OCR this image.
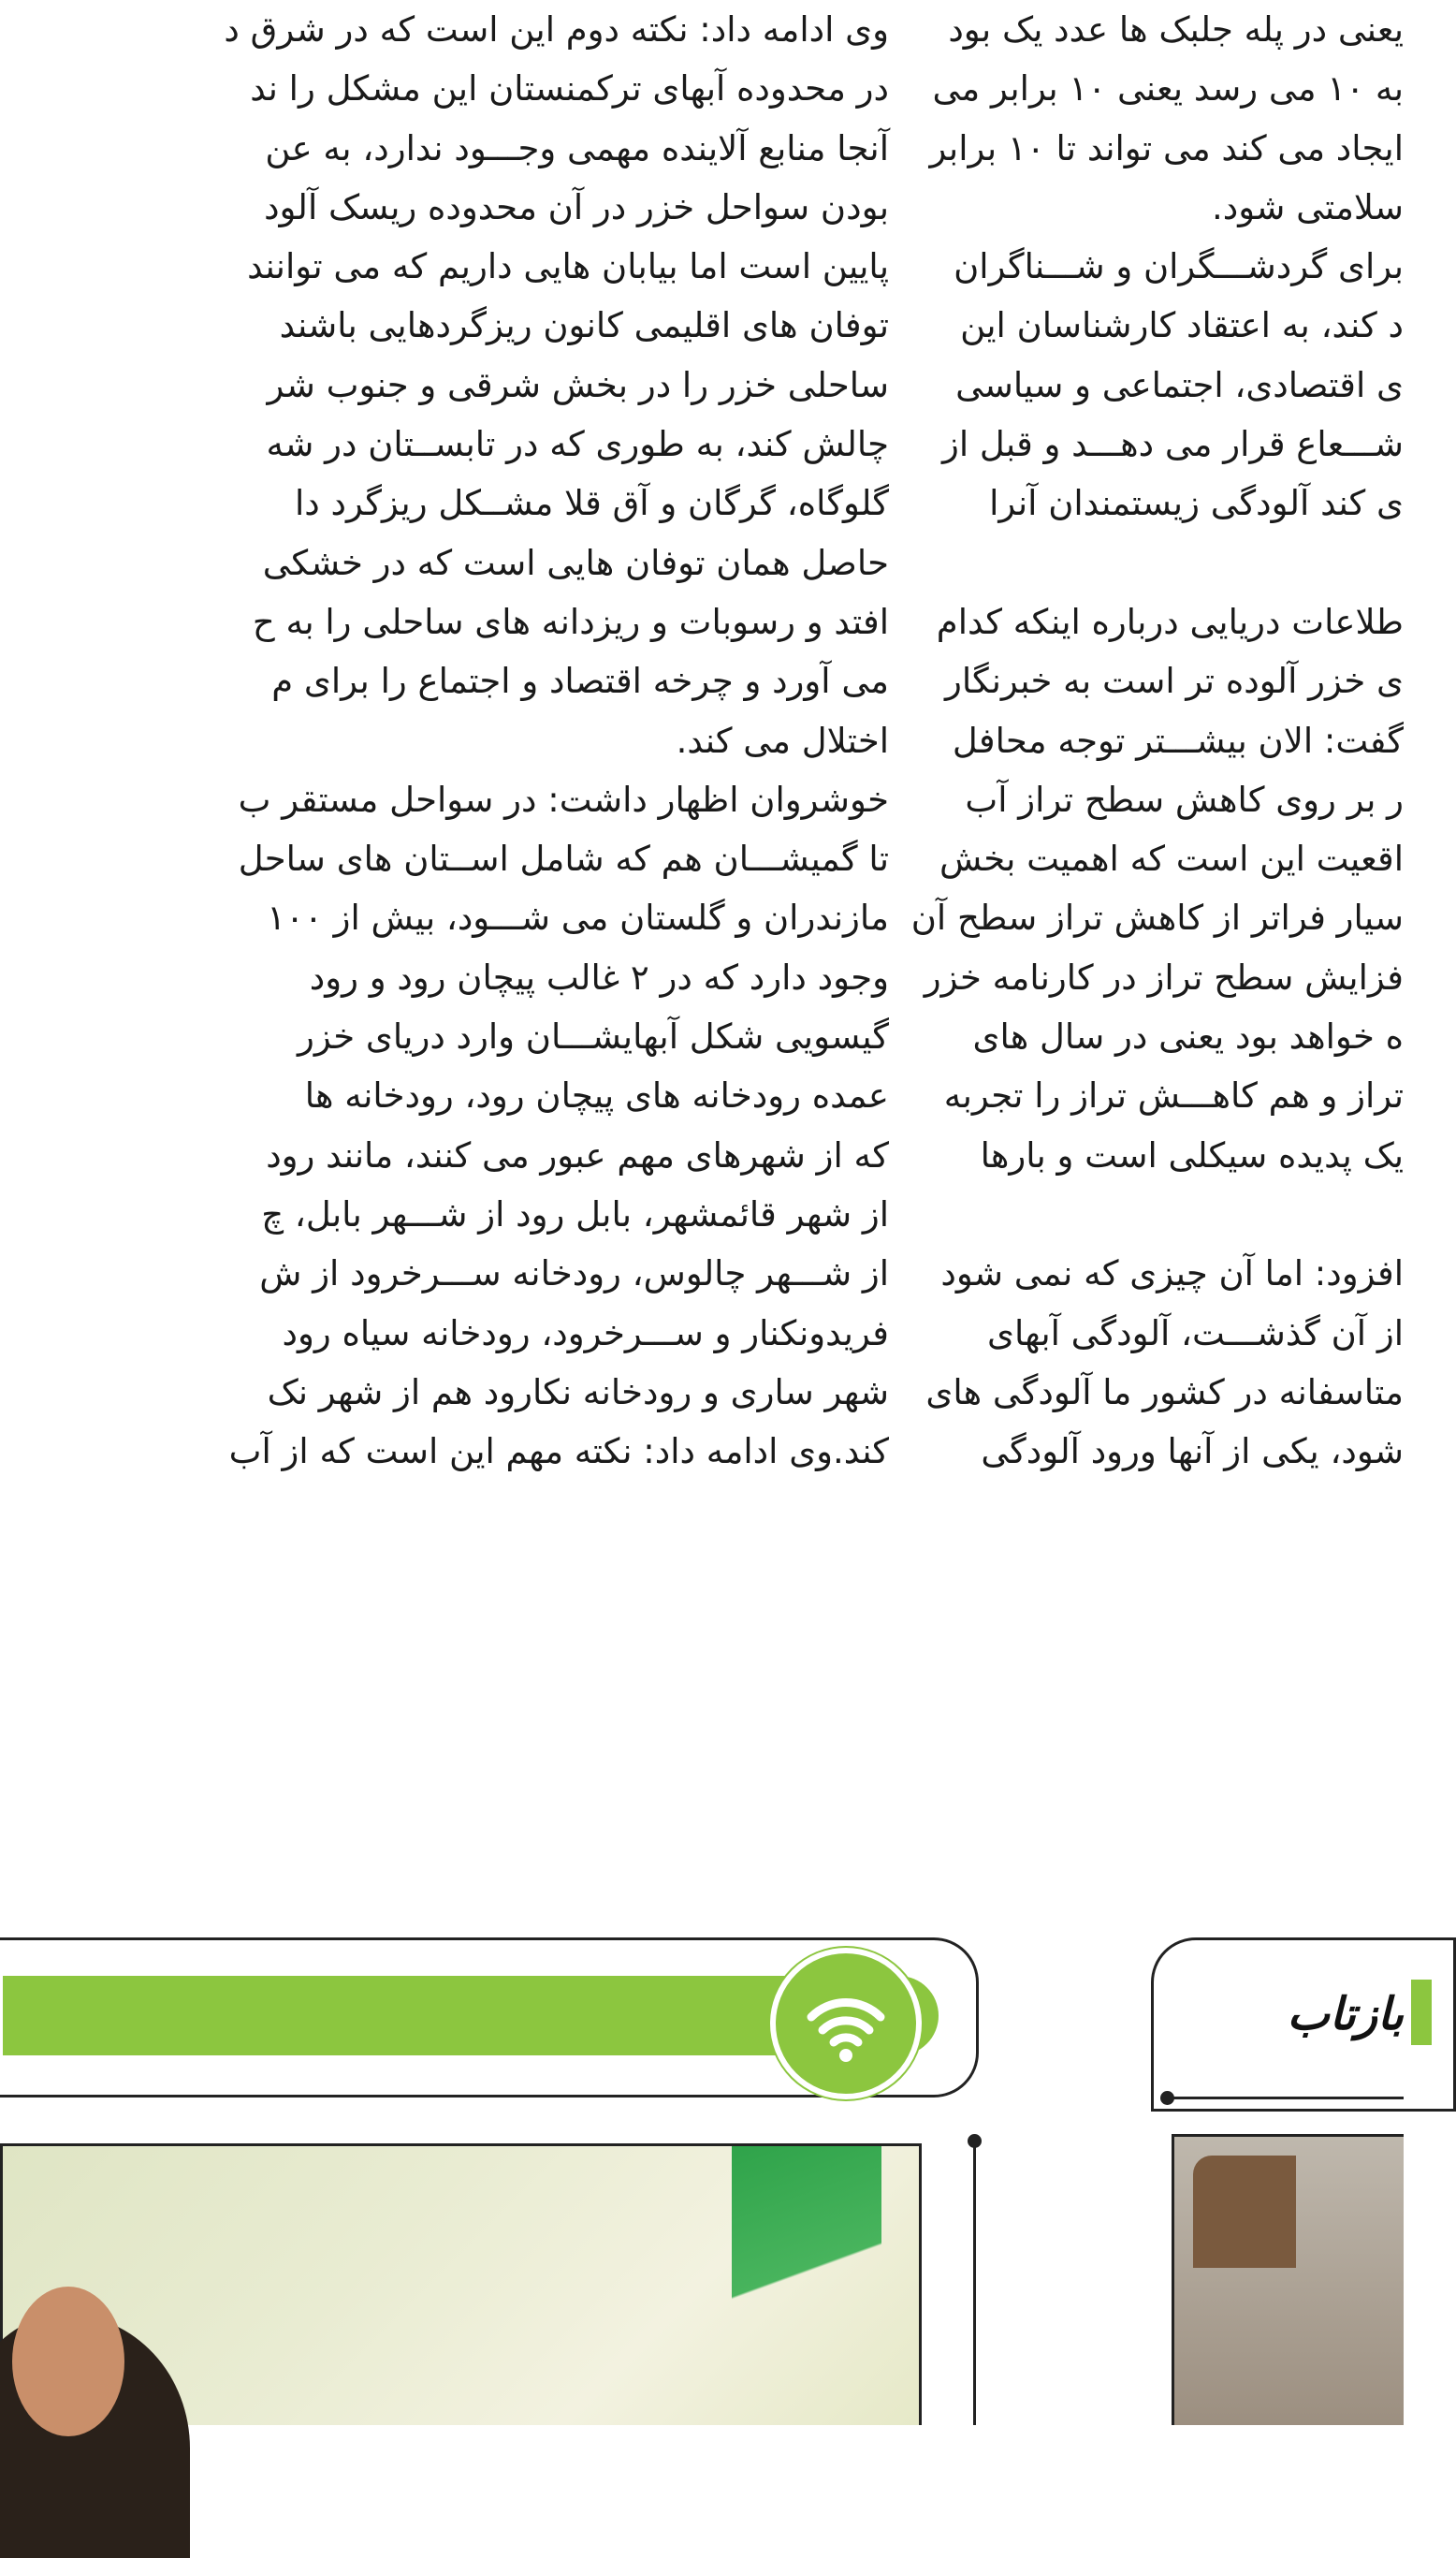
وی ادامه داد: نکته دوم این است که در شرق د
در محدوده آبهای ترکمنستان این مشکل را ند
آنجا منابع آلاینده مهمی وجـــود ندارد، به عن
بودن سواحل خزر در آن محدوده ریسک آلود
پایین است اما بیابان هایی داریم که می توانند
توفان های اقلیمی کانون ریزگردهایی باشند
ساحلی خزر را در بخش شرقی و جنوب شر
چالش کند، به طوری که در تابســتان در شه
گلوگاه، گرگان و آق قلا مشــکل ریزگرد دا
حاصل همان توفان هایی است که در خشکی
افتد و رسوبات و ریزدانه های ساحلی را به ح
می آورد و چرخه اقتصاد و اجتماع را برای م
اختلال می کند.
خوشروان اظهار داشت: در سواحل مستقر ب
تا گمیشـــان هم که شامل اســتان های ساحل
مازندران و گلستان می شـــود، بیش از ۱۰۰
وجود دارد که در ۲ غالب پیچان رود و رود
گیسویی شکل آبهایشـــان وارد دریای خزر
عمده رودخانه های پیچان رود، رودخانه ها
که از شهرهای مهم عبور می کنند، مانند رود
از شهر قائمشهر، بابل رود از شـــهر بابل، چ
از شـــهر چالوس، رودخانه ســـرخرود از ش
فریدونکنار و ســـرخرود، رودخانه سیاه رود
شهر ساری و رودخانه نکارود هم از شهر نک
کند.وی ادامه داد: نکته مهم این است که از آب

یعنی در پله جلبک ها عدد یک بود
به ۱۰ می رسد یعنی ۱۰ برابر می
ایجاد می کند می تواند تا ۱۰ برابر
سلامتی شود.
برای گردشـــگران و شـــناگران
د کند، به اعتقاد کارشناسان این
ی اقتصادی، اجتماعی و سیاسی
شـــعاع قرار می دهـــد و قبل از
ی کند آلودگی زیستمندان آنرا
طلاعات دریایی درباره اینکه کدام
ی خزر آلوده تر است به خبرنگار
گفت: الان بیشـــتر توجه محافل
ر بر روی کاهش سطح تراز آب
اقعیت این است که اهمیت بخش
سیار فراتر از کاهش تراز سطح آن
فزایش سطح تراز در کارنامه خزر
ه خواهد بود یعنی در سال های
تراز و هم کاهـــش تراز را تجربه
یک پدیده سیکلی است و بارها
افزود: اما آن چیزی که نمی شود
از آن گذشـــت، آلودگی آبهای
متاسفانه در کشور ما آلودگی های
شود، یکی از آنها ورود آلودگی

بازتاب
